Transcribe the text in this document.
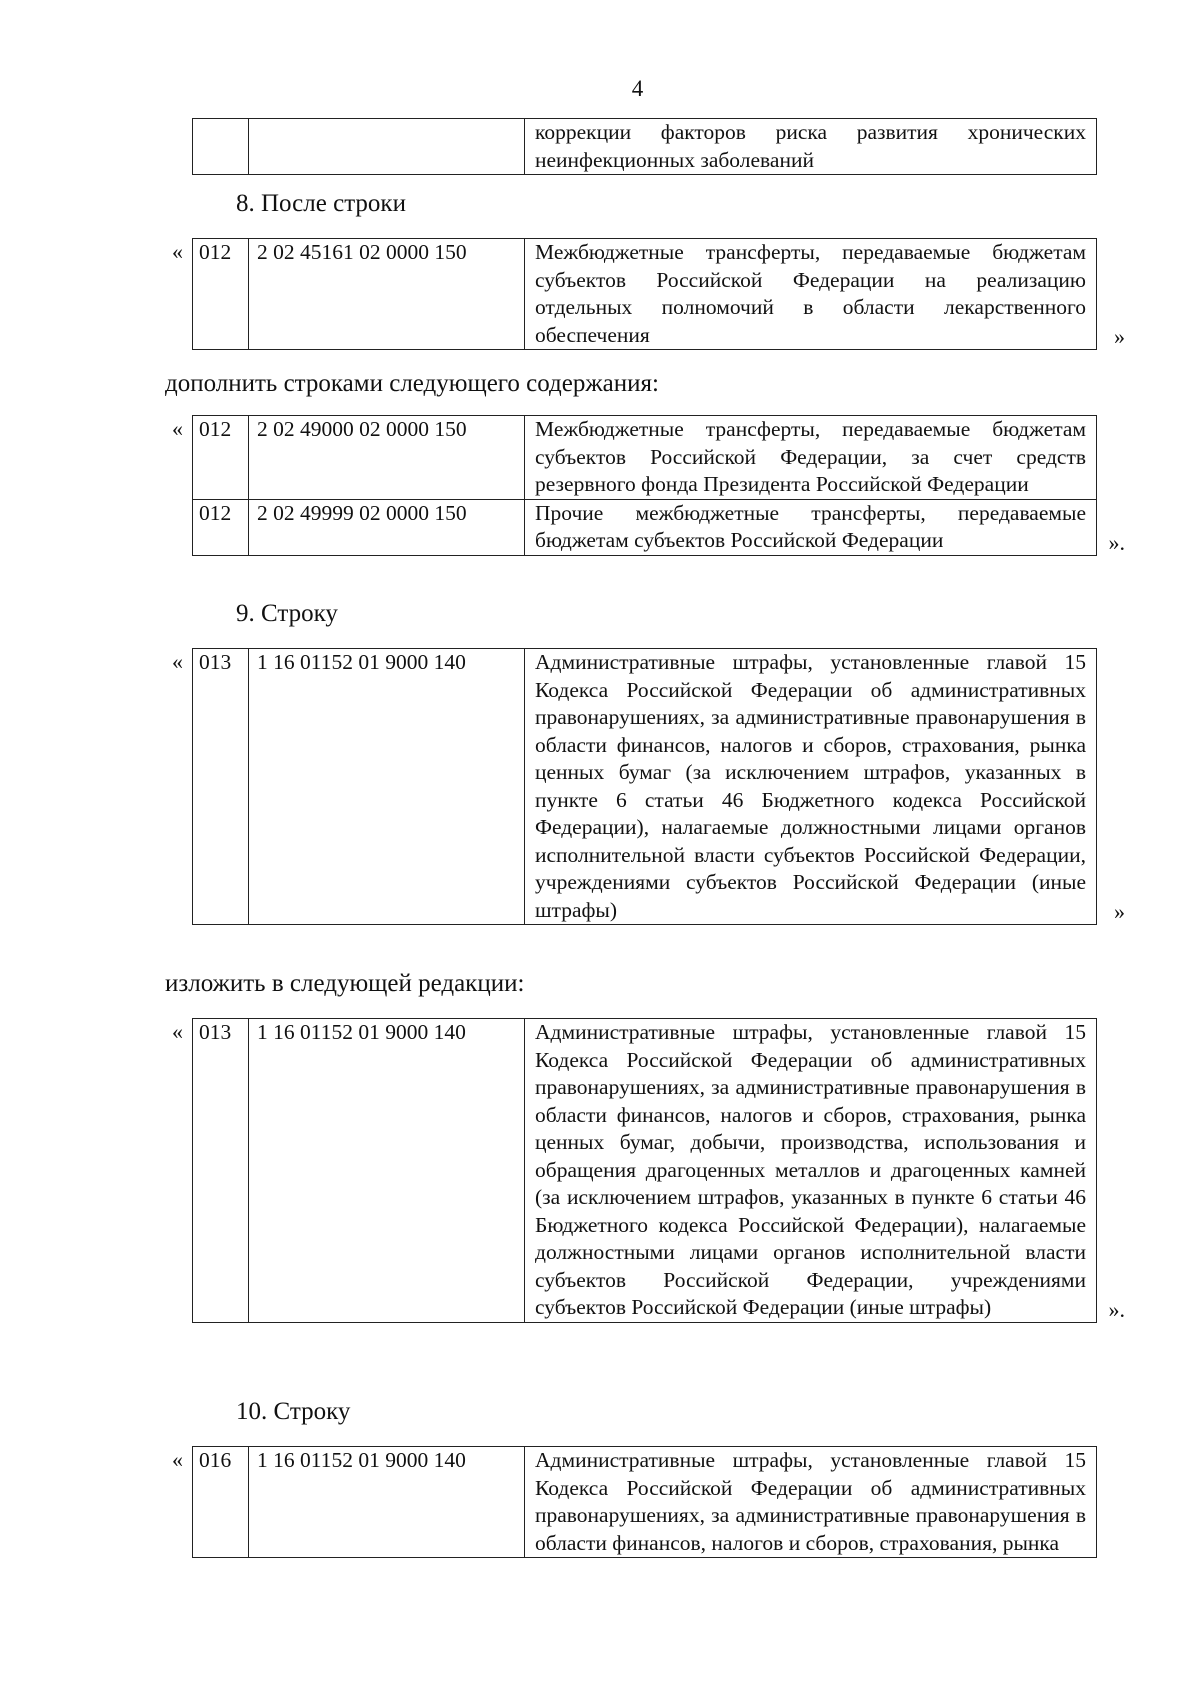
4
		коррекции факторов риска развития хронических неинфекционных заболеваний
8. После строки
« 012	2 02 45161 02 0000 150	Межбюджетные трансферты, передаваемые бюджетам субъектов Российской Федерации на реализацию отдельных полномочий в области лекарственного обеспечения	»
дополнить строками следующего содержания:
« 012	2 02 49000 02 0000 150	Межбюджетные трансферты, передаваемые бюджетам субъектов Российской Федерации, за счет средств резервного фонда Президента Российской Федерации
012	2 02 49999 02 0000 150	Прочие межбюджетные трансферты, передаваемые бюджетам субъектов Российской Федерации	».
9. Строку
« 013	1 16 01152 01 9000 140	Административные штрафы, установленные главой 15 Кодекса Российской Федерации об административных правонарушениях, за административные правонарушения в области финансов, налогов и сборов, страхования, рынка ценных бумаг (за исключением штрафов, указанных в пункте 6 статьи 46 Бюджетного кодекса Российской Федерации), налагаемые должностными лицами органов исполнительной власти субъектов Российской Федерации, учреждениями субъектов Российской Федерации (иные штрафы)	»
изложить в следующей редакции:
« 013	1 16 01152 01 9000 140	Административные штрафы, установленные главой 15 Кодекса Российской Федерации об административных правонарушениях, за административные правонарушения в области финансов, налогов и сборов, страхования, рынка ценных бумаг, добычи, производства, использования и обращения драгоценных металлов и драгоценных камней (за исключением штрафов, указанных в пункте 6 статьи 46 Бюджетного кодекса Российской Федерации), налагаемые должностными лицами органов исполнительной власти субъектов Российской Федерации, учреждениями субъектов Российской Федерации (иные штрафы)	».
10. Строку
« 016	1 16 01152 01 9000 140	Административные штрафы, установленные главой 15 Кодекса Российской Федерации об административных правонарушениях, за административные правонарушения в области финансов, налогов и сборов, страхования, рынка
